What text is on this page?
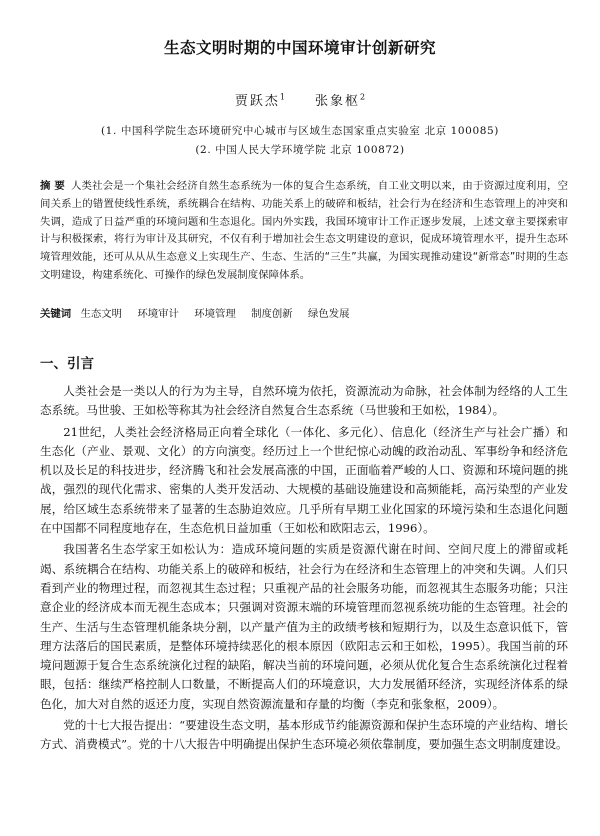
生态文明时期的中国环境审计创新研究
贾跃杰$^1$ 张象枢$^2$
(1. 中国科学院生态环境研究中心城市与区域生态国家重点实验室 北京 100085)
(2. 中国人民大学环境学院 北京 100872)
摘 要 人类社会是一个集社会经济自然生态系统为一体的复合生态系统，自工业文明以来，由于资源过度利用，空间关系上的错置使线性系统，系统耦合在结构、功能关系上的破碎和板结，社会行为在经济和生态管理上的冲突和失调，造成了日益严重的环境问题和生态退化。国内外实践，我国环境审计工作正逐步发展，上述文章主要探索审计与积极探索，将行为审计及其研究，不仅有利于增加社会生态文明建设的意识，促成环境管理水平，提升生态环境管理效能，还可从从从生态意义上实现生产、生态、生活的“三生”共赢，为国实现推动建设“新常态”时期的生态文明建设，构建系统化、可操作的绿色发展制度保障体系。
关键词 生态文明 环境审计 环境管理 制度创新 绿色发展
一、引言

人类社会是一类以人的行为为主导，自然环境为依托，资源流动为命脉，社会体制为经络的人工生态系统。马世骏、王如松等称其为社会经济自然复合生态系统（马世骏和王如松，1984）。

21世纪，人类社会经济格局正向着全球化（一体化、多元化）、信息化（经济生产与社会广播）和生态化（产业、景观、文化）的方向演变。经历过上一个世纪惊心动魄的政治动乱、军事纷争和经济危机以及长足的科技进步，经济腾飞和社会发展高涨的中国，正面临着严峻的人口、资源和环境问题的挑战，强烈的现代化需求、密集的人类开发活动、大规模的基础设施建设和高频能耗，高污染型的产业发展，给区域生态系统带来了显著的生态胁迫效应。几乎所有早期工业化国家的环境污染和生态退化问题在中国都不同程度地存在，生态危机日益加重（王如松和欧阳志云，1996）。

我国著名生态学家王如松认为：造成环境问题的实质是资源代谢在时间、空间尺度上的滞留或耗竭、系统耦合在结构、功能关系上的破碎和板结，社会行为在经济和生态管理上的冲突和失调。人们只看到产业的物理过程，而忽视其生态过程；只重视产品的社会服务功能，而忽视其生态服务功能；只注意企业的经济成本而无视生态成本；只强调对资源末端的环境管理而忽视系统功能的生态管理。社会的生产、生活与生态管理机能条块分割，以产量产值为主的政绩考核和短期行为，以及生态意识低下，管理方法落后的国民素质，是整体环境持续恶化的根本原因（欧阳志云和王如松，1995）。我国当前的环境问题源于复合生态系统演化过程的缺陷，解决当前的环境问题，必须从优化复合生态系统演化过程着眼，包括：继续严格控制人口数量，不断提高人们的环境意识，大力发展循环经济，实现经济体系的绿色化，加大对自然的返还力度，实现自然资源流量和存量的均衡（李克和张象枢，2009）。

党的十七大报告提出：“要建设生态文明，基本形成节约能源资源和保护生态环境的产业结构、增长方式、消费模式”。党的十八大报告中明确提出保护生态环境必须依靠制度，要加强生态文明制度建设。
